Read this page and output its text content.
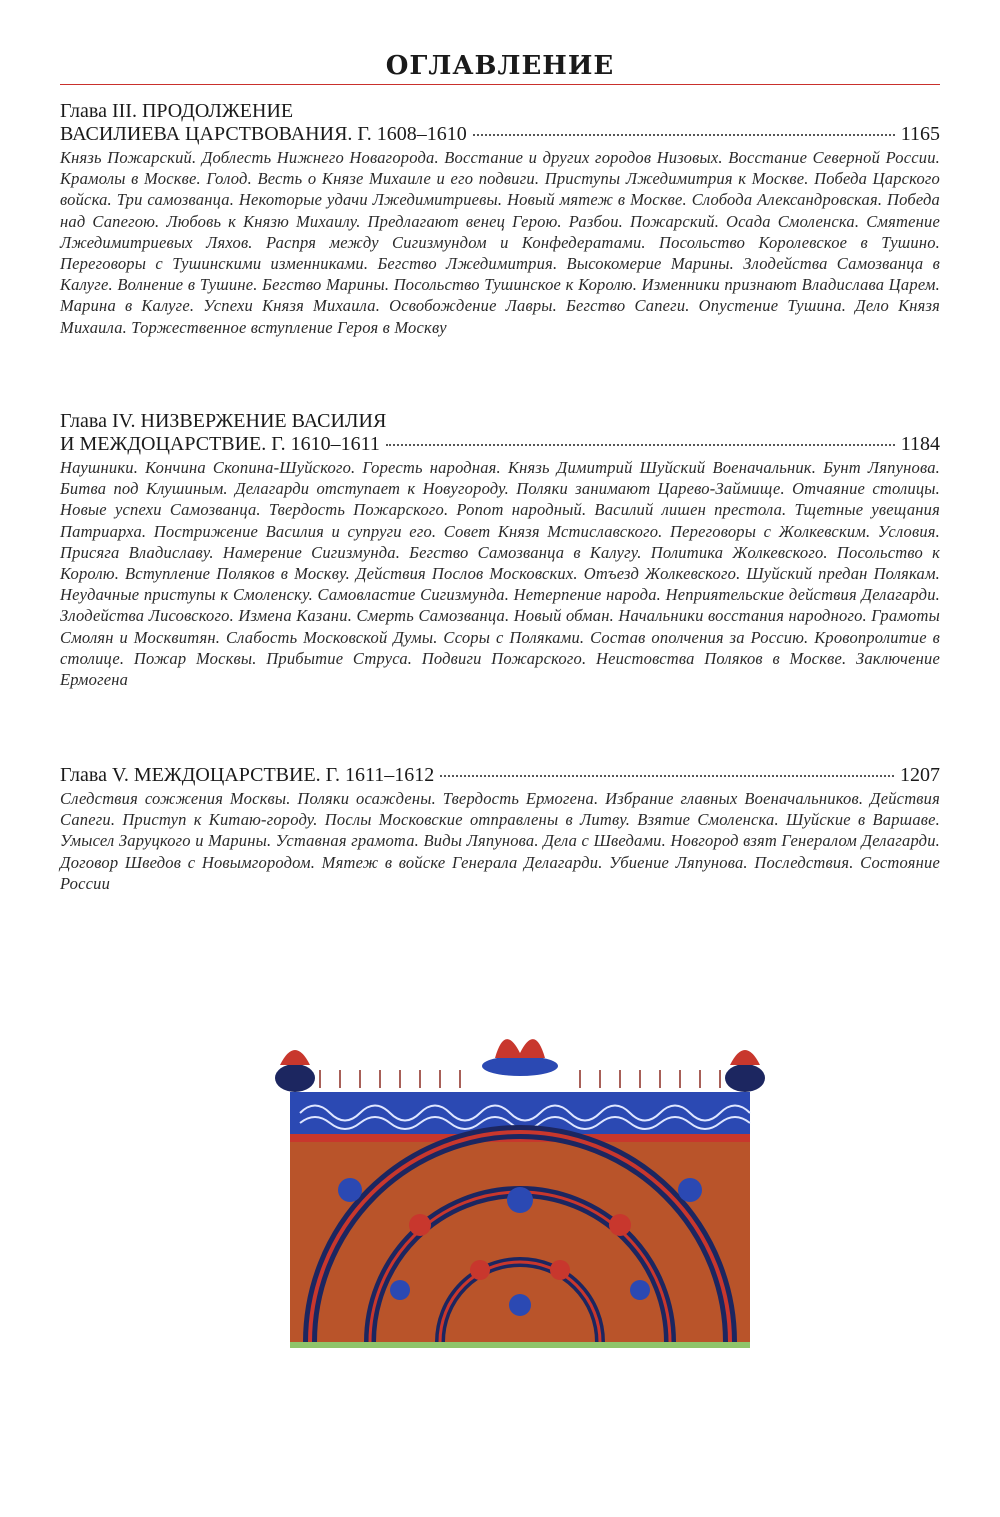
ОГЛАВЛЕНИЕ
Глава III. ПРОДОЛЖЕНИЕ
ВАСИЛИЕВА ЦАРСТВОВАНИЯ. Г. 1608–1610	1165
Князь Пожарский. Доблесть Нижнего Новагорода. Восстание и других городов Низовых. Восстание Северной России. Крамолы в Москве. Голод. Весть о Князе Михаиле и его подвиги. Приступы Лжедимитрия к Москве. Победа Царского войска. Три самозванца. Некоторые удачи Лжедимитриевы. Новый мятеж в Москве. Слобода Александровская. Победа над Сапегою. Любовь к Князю Михаилу. Предлагают венец Герою. Разбои. Пожарский. Осада Смоленска. Смятение Лжедимитриевых Ляхов. Распря между Сигизмундом и Конфедератами. Посольство Королевское в Тушино. Переговоры с Тушинскими изменниками. Бегство Лжедимитрия. Высокомерие Марины. Злодейства Самозванца в Калуге. Волнение в Тушине. Бегство Марины. Посольство Тушинское к Королю. Изменники признают Владислава Царем. Марина в Калуге. Успехи Князя Михаила. Освобождение Лавры. Бегство Сапеги. Опустение Тушина. Дело Князя Михаила. Торжественное вступление Героя в Москву
Глава IV. НИЗВЕРЖЕНИЕ ВАСИЛИЯ
И МЕЖДОЦАРСТВИЕ. Г. 1610–1611	1184
Наушники. Кончина Скопина-Шуйского. Горесть народная. Князь Димитрий Шуйский Военачальник. Бунт Ляпунова. Битва под Клушиным. Делагарди отступает к Новугороду. Поляки занимают Царево-Займище. Отчаяние столицы. Новые успехи Самозванца. Твердость Пожарского. Ропот народный. Василий лишен престола. Тщетные увещания Патриарха. Пострижение Василия и супруги его. Совет Князя Мстиславского. Переговоры с Жолкевским. Условия. Присяга Владиславу. Намерение Сигизмунда. Бегство Самозванца в Калугу. Политика Жолкевского. Посольство к Королю. Вступление Поляков в Москву. Действия Послов Московских. Отъезд Жолкевского. Шуйский предан Полякам. Неудачные приступы к Смоленску. Самовластие Сигизмунда. Нетерпение народа. Неприятельские действия Делагарди. Злодейства Лисовского. Измена Казани. Смерть Самозванца. Новый обман. Начальники восстания народного. Грамоты Смолян и Москвитян. Слабость Московской Думы. Ссоры с Поляками. Состав ополчения за Россию. Кровопролитие в столице. Пожар Москвы. Прибытие Струса. Подвиги Пожарского. Неистовства Поляков в Москве. Заключение Ермогена
Глава V. МЕЖДОЦАРСТВИЕ. Г. 1611–1612	1207
Следствия сожжения Москвы. Поляки осаждены. Твердость Ермогена. Избрание главных Военачальников. Действия Сапеги. Приступ к Китаю-городу. Послы Московские отправлены в Литву. Взятие Смоленска. Шуйские в Варшаве. Умысел Заруцкого и Марины. Уставная грамота. Виды Ляпунова. Дела с Шведами. Новгород взят Генералом Делагарди. Договор Шведов с Новымгородом. Мятеж в войске Генерала Делагарди. Убиение Ляпунова. Последствия. Состояние России
